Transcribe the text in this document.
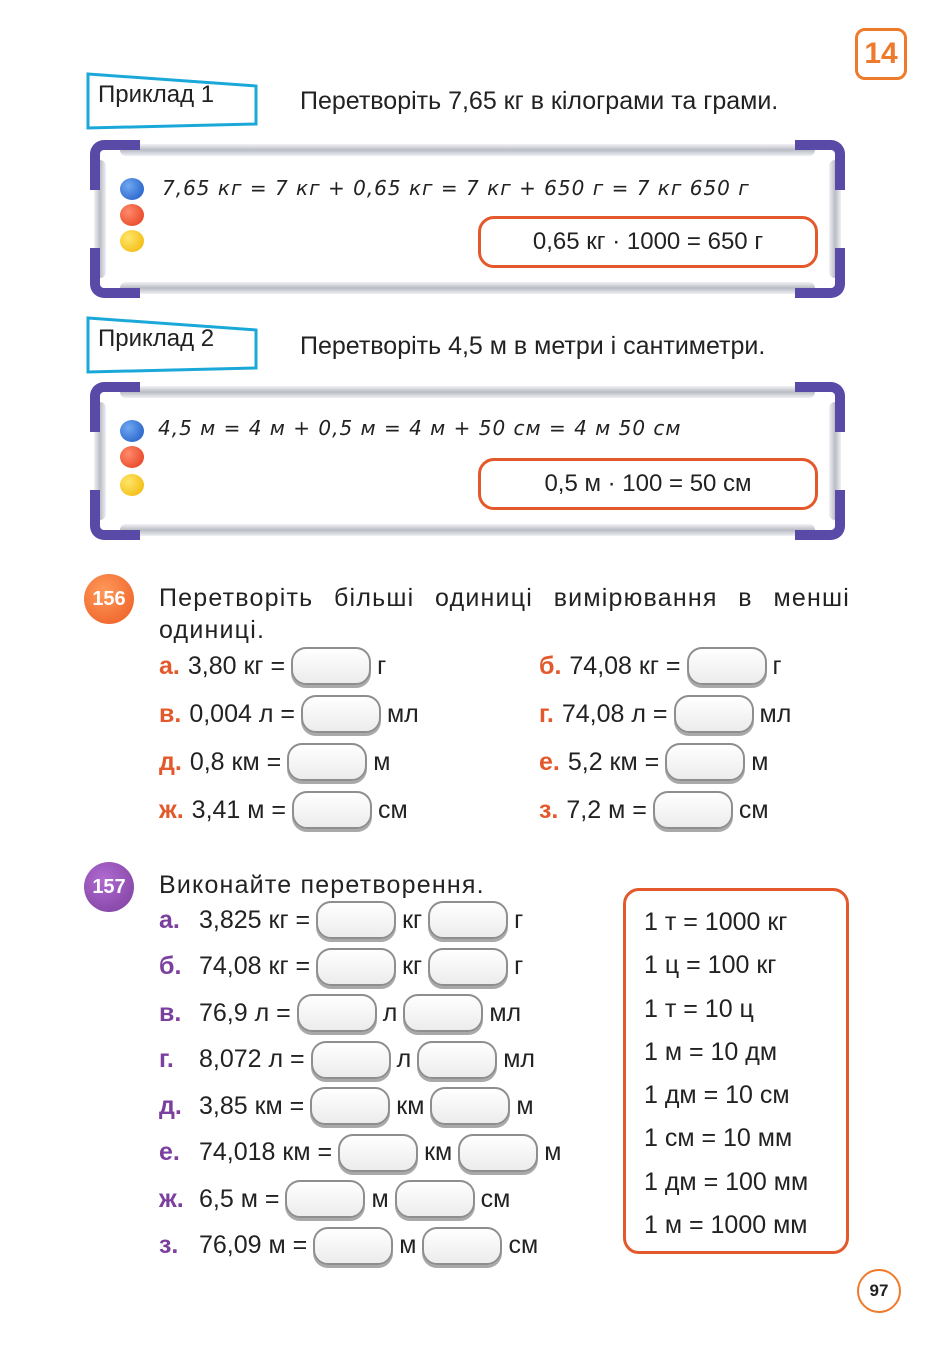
14
Приклад 1	Перетворіть 7,65 кг в кілограми та грами.
7,65 кг = 7 кг + 0,65 кг = 7 кг + 650 г = 7 кг 650 г
0,65 кг · 1000 = 650 г
Приклад 2	Перетворіть 4,5 м в метри і сантиметри.
4,5 м = 4 м + 0,5 м = 4 м + 50 см = 4 м 50 см
0,5 м · 100 = 50 см
156	Перетворіть більші одиниці вимірювання в менші одиниці.
а. 3,80 кг =	г	б. 74,08 кг =	г
в. 0,004 л =	мл	г. 74,08 л =	мл
д. 0,8 км =	м	е. 5,2 км =	м
ж. 3,41 м =	см	з. 7,2 м =	см
157	Виконайте перетворення.
а. 3,825 кг =	кг	г
б. 74,08 кг =	кг	г
в. 76,9 л =	л	мл
г.	8,072 л =	л	мл
д. 3,85 км =	км	м
е. 74,018 км =	км	м
ж. 6,5 м =	м	см
з. 76,09 м =	м	см
1 т = 1000 кг
1 ц = 100 кг
1 т = 10 ц
1 м = 10 дм
1 дм = 10 см
1 см = 10 мм
1 дм = 100 мм
1 м = 1000 мм
97
